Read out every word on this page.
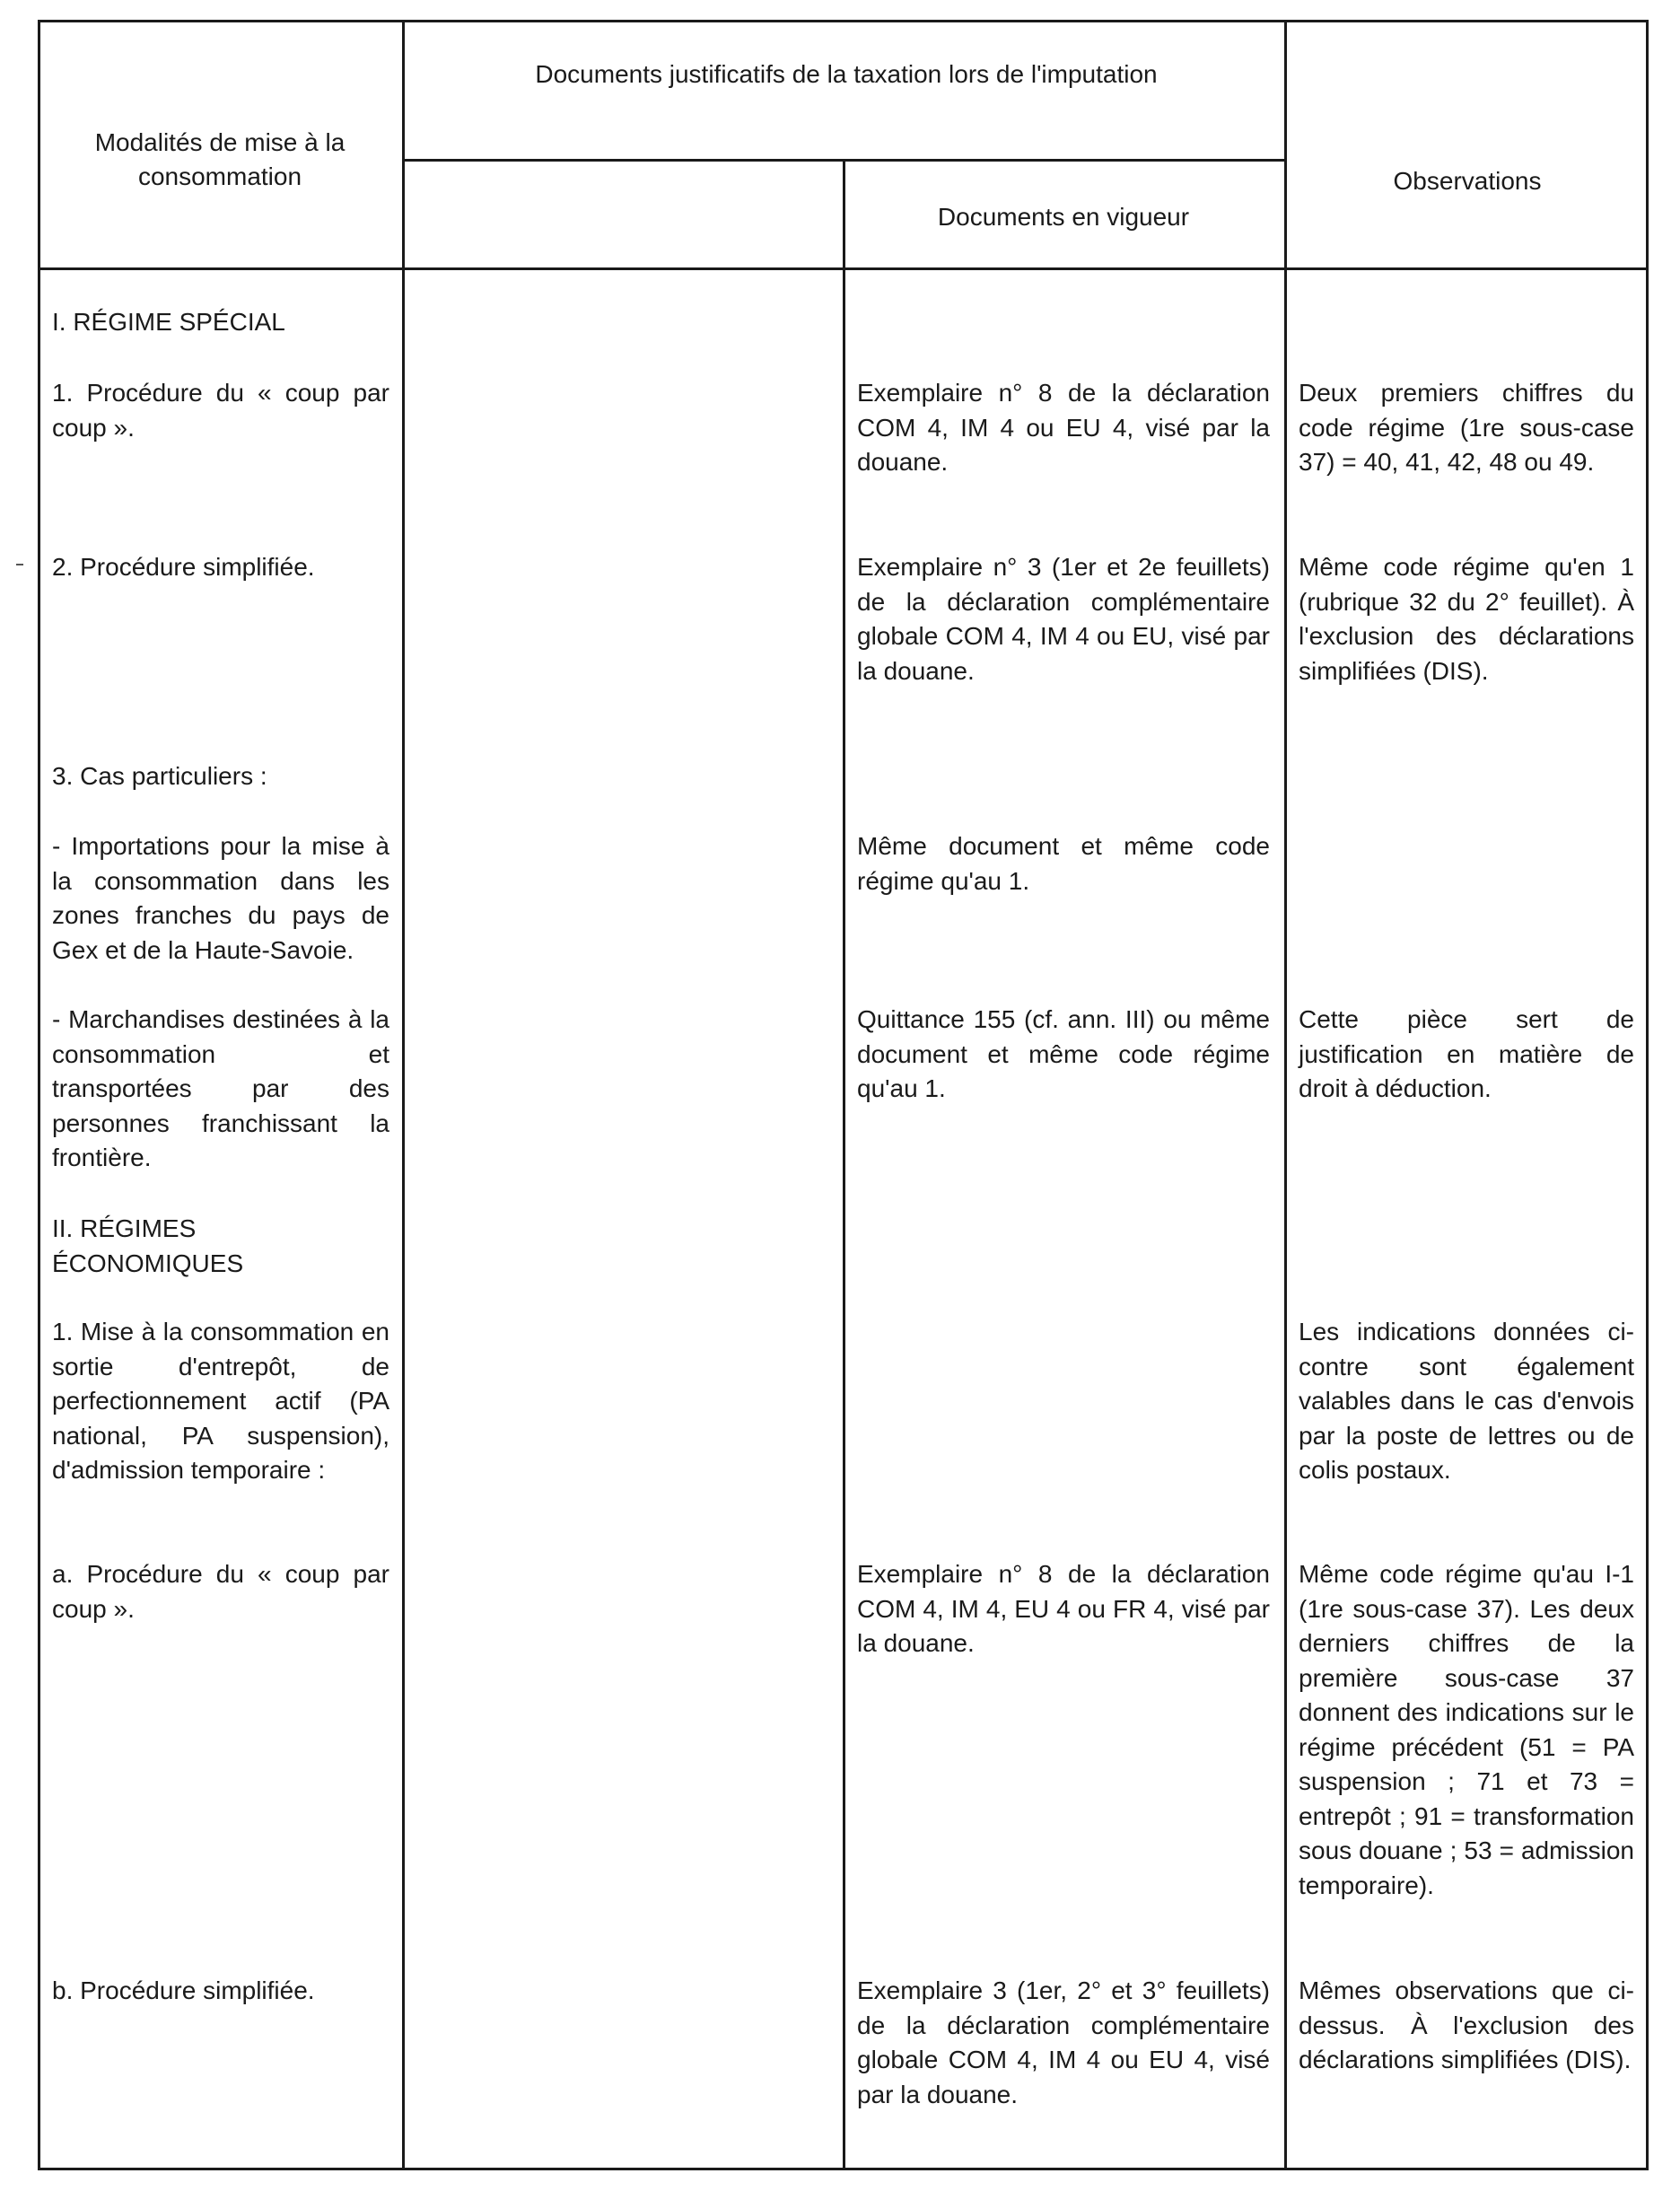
Modalités de mise à la consommation
Documents justificatifs de la taxation lors de l'imputation
Documents en vigueur
Observations
I. RÉGIME SPÉCIAL
1. Procédure du « coup par coup ».
2. Procédure simplifiée.
3. Cas particuliers :
- Importations pour la mise à la consommation dans les zones franches du pays de Gex et de la Haute-Savoie.
- Marchandises destinées à la consommation et transportées par des personnes franchissant la frontière.
II. RÉGIMES ÉCONOMIQUES
1. Mise à la consommation en sortie d'entrepôt, de perfectionnement actif (PA national, PA suspension), d'admission temporaire :
a. Procédure du « coup par coup ».
b. Procédure simplifiée.
Exemplaire n° 8 de la déclaration COM 4, IM 4 ou EU 4, visé par la douane.
Exemplaire n° 3 (1er et 2e feuillets) de la déclaration complémentaire globale COM 4, IM 4 ou EU, visé par la douane.
Même document et même code régime qu'au 1.
Quittance 155 (cf. ann. III) ou même document et même code régime qu'au 1.
Exemplaire n° 8 de la déclaration COM 4, IM 4, EU 4 ou FR 4, visé par la douane.
Exemplaire 3 (1er, 2° et 3° feuillets) de la déclaration complémentaire globale COM 4, IM 4 ou EU 4, visé par la douane.
Deux premiers chiffres du code régime (1re sous-case 37) = 40, 41, 42, 48 ou 49.
Même code régime qu'en 1 (rubrique 32 du 2° feuillet). À l'exclusion des déclarations simplifiées (DIS).
Cette pièce sert de justification en matière de droit à déduction.
Les indications données ci-contre sont également valables dans le cas d'envois par la poste de lettres ou de colis postaux.
Même code régime qu'au I-1 (1re sous-case 37). Les deux derniers chiffres de la première sous-case 37 donnent des indications sur le régime précédent (51 = PA suspension ; 71 et 73 = entrepôt ; 91 = transformation sous douane ; 53 = admission temporaire).
Mêmes observations que ci-dessus. À l'exclusion des déclarations simplifiées (DIS).
